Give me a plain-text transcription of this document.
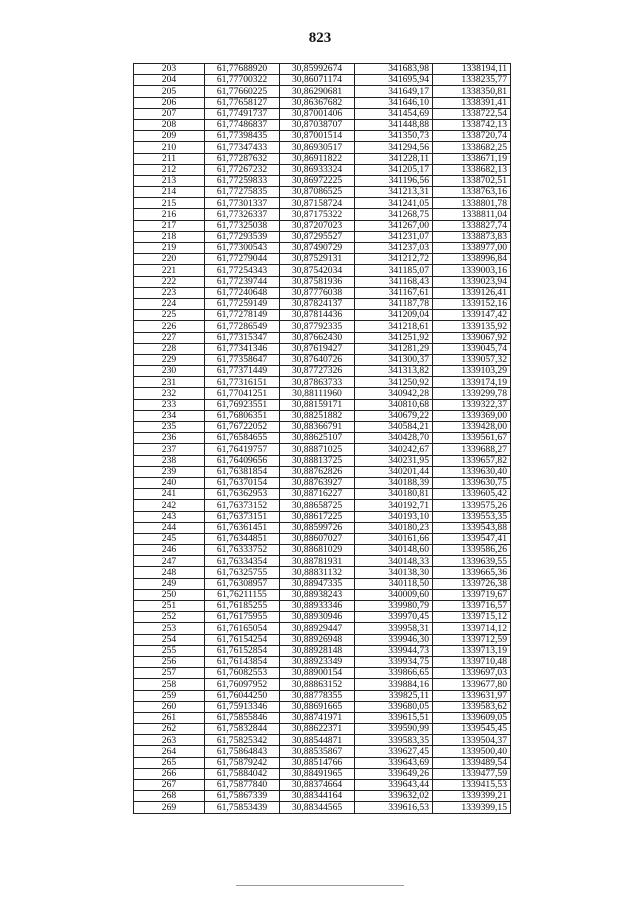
823
203	61,77688920	30,85992674	341683,98	1338194,11
204	61,77700322	30,86071174	341695,94	1338235,77
205	61,77660225	30,86290681	341649,17	1338350,81
206	61,77658127	30,86367682	341646,10	1338391,41
207	61,77491737	30,87001406	341454,69	1338722,54
208	61,77486837	30,87038707	341448,88	1338742,13
209	61,77398435	30,87001514	341350,73	1338720,74
210	61,77347433	30,86930517	341294,56	1338682,25
211	61,77287632	30,86911822	341228,11	1338671,19
212	61,77267232	30,86933324	341205,17	1338682,13
213	61,77259833	30,86972225	341196,56	1338702,51
214	61,77275835	30,87086525	341213,31	1338763,16
215	61,77301337	30,87158724	341241,05	1338801,78
216	61,77326337	30,87175322	341268,75	1338811,04
217	61,77325038	30,87207023	341267,00	1338827,74
218	61,77293539	30,87295527	341231,07	1338873,83
219	61,77300543	30,87490729	341237,03	1338977,00
220	61,77279044	30,87529131	341212,72	1338996,84
221	61,77254343	30,87542034	341185,07	1339003,16
222	61,77239744	30,87581936	341168,43	1339023,94
223	61,77240648	30,87776038	341167,61	1339126,41
224	61,77259149	30,87824137	341187,78	1339152,16
225	61,77278149	30,87814436	341209,04	1339147,42
226	61,77286549	30,87792335	341218,61	1339135,92
227	61,77315347	30,87662430	341251,92	1339067,92
228	61,77341346	30,87619427	341281,29	1339045,74
229	61,77358647	30,87640726	341300,37	1339057,32
230	61,77371449	30,87727326	341313,82	1339103,29
231	61,77316151	30,87863733	341250,92	1339174,19
232	61,77041251	30,88111960	340942,28	1339299,78
233	61,76923551	30,88159171	340810,68	1339322,37
234	61,76806351	30,88251882	340679,22	1339369,00
235	61,76722052	30,88366791	340584,21	1339428,00
236	61,76584655	30,88625107	340428,70	1339561,67
237	61,76419757	30,88871025	340242,67	1339688,27
238	61,76409656	30,88813725	340231,95	1339657,82
239	61,76381854	30,88762826	340201,44	1339630,40
240	61,76370154	30,88763927	340188,39	1339630,75
241	61,76362953	30,88716227	340180,81	1339605,42
242	61,76373152	30,88658725	340192,71	1339575,26
243	61,76373151	30,88617225	340193,10	1339553,35
244	61,76361451	30,88599726	340180,23	1339543,88
245	61,76344851	30,88607027	340161,66	1339547,41
246	61,76333752	30,88681029	340148,60	1339586,26
247	61,76334354	30,88781931	340148,33	1339639,55
248	61,76325755	30,88831132	340138,30	1339665,36
249	61,76308957	30,88947335	340118,50	1339726,38
250	61,76211155	30,88938243	340009,60	1339719,67
251	61,76185255	30,88933346	339980,79	1339716,57
252	61,76175955	30,88930946	339970,45	1339715,12
253	61,76165054	30,88929447	339958,31	1339714,12
254	61,76154254	30,88926948	339946,30	1339712,59
255	61,76152854	30,88928148	339944,73	1339713,19
256	61,76143854	30,88923349	339934,75	1339710,48
257	61,76082553	30,88900154	339866,65	1339697,03
258	61,76097952	30,88863152	339884,16	1339677,80
259	61,76044250	30,88778355	339825,11	1339631,97
260	61,75913346	30,88691665	339680,05	1339583,62
261	61,75855846	30,88741971	339615,51	1339609,05
262	61,75832844	30,88622371	339590,99	1339545,45
263	61,75825342	30,88544871	339583,35	1339504,37
264	61,75864843	30,88535867	339627,45	1339500,40
265	61,75879242	30,88514766	339643,69	1339489,54
266	61,75884042	30,88491965	339649,26	1339477,59
267	61,75877840	30,88374664	339643,44	1339415,53
268	61,75867339	30,88344164	339632,02	1339399,21
269	61,75853439	30,88344565	339616,53	1339399,15
